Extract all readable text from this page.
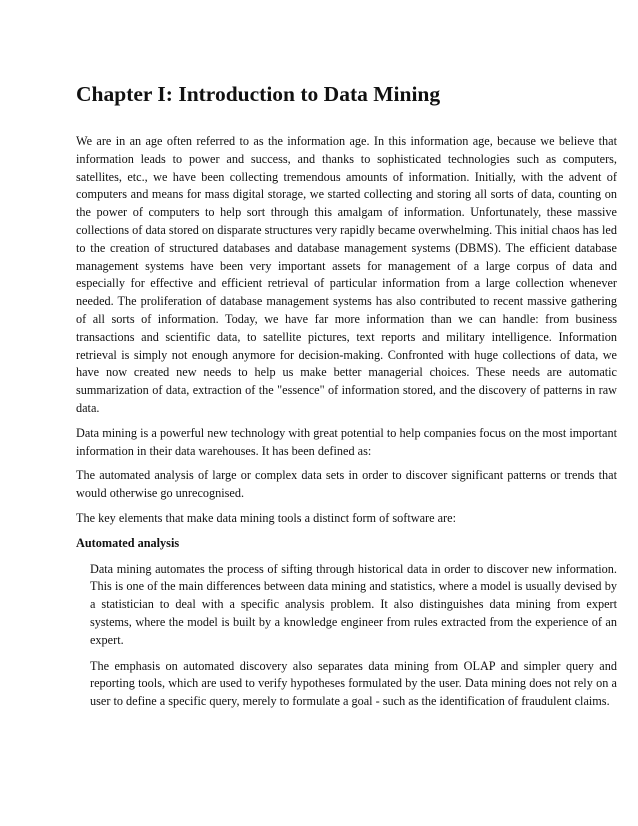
Chapter I: Introduction to Data Mining

We are in an age often referred to as the information age. In this information age, because we believe that information leads to power and success, and thanks to sophisticated technologies such as computers, satellites, etc., we have been collecting tremendous amounts of information. Initially, with the advent of computers and means for mass digital storage, we started collecting and storing all sorts of data, counting on the power of computers to help sort through this amalgam of information. Unfortunately, these massive collections of data stored on disparate structures very rapidly became overwhelming. This initial chaos has led to the creation of structured databases and database management systems (DBMS). The efficient database management systems have been very important assets for management of a large corpus of data and especially for effective and efficient retrieval of particular information from a large collection whenever needed. The proliferation of database management systems has also contributed to recent massive gathering of all sorts of information. Today, we have far more information than we can handle: from business transactions and scientific data, to satellite pictures, text reports and military intelligence. Information retrieval is simply not enough anymore for decision-making. Confronted with huge collections of data, we have now created new needs to help us make better managerial choices. These needs are automatic summarization of data, extraction of the "essence" of information stored, and the discovery of patterns in raw data.

Data mining is a powerful new technology with great potential to help companies focus on the most important information in their data warehouses. It has been defined as:

The automated analysis of large or complex data sets in order to discover significant patterns or trends that would otherwise go unrecognised.

The key elements that make data mining tools a distinct form of software are:

Automated analysis

Data mining automates the process of sifting through historical data in order to discover new information. This is one of the main differences between data mining and statistics, where a model is usually devised by a statistician to deal with a specific analysis problem. It also distinguishes data mining from expert systems, where the model is built by a knowledge engineer from rules extracted from the experience of an expert.

The emphasis on automated discovery also separates data mining from OLAP and simpler query and reporting tools, which are used to verify hypotheses formulated by the user. Data mining does not rely on a user to define a specific query, merely to formulate a goal - such as the identification of fraudulent claims.
